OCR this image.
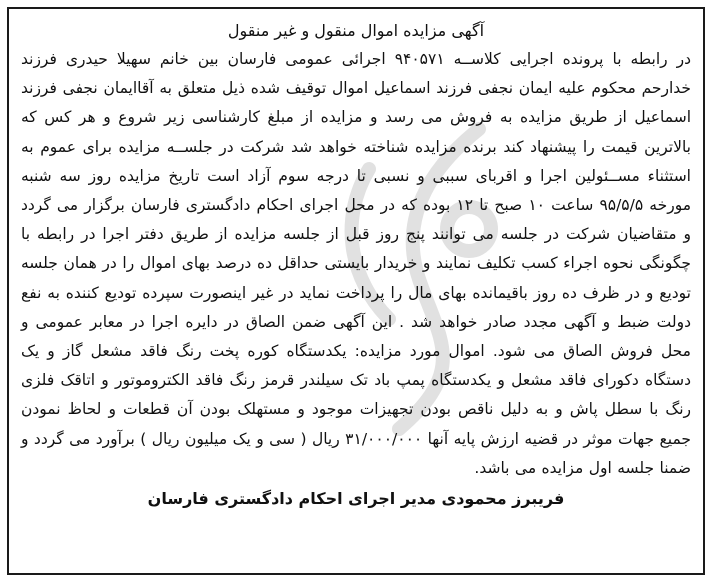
آگهی مزایده اموال منقول و غیر منقول

در رابطه با پرونده اجرایی کلاســه ۹۴۰۵۷۱ اجرائی عمومی فارسان بین خانم سهیلا حیدری فرزند خدارحم محکوم علیه ایمان نجفی فرزند اسماعیل اموال توقیف شده ذیل متعلق به آقاایمان نجفی فرزند اسماعیل از طریق مزایده به فروش می رسد و مزایده از مبلغ کارشناسی زیر شروع و هر کس که بالاترین قیمت را پیشنهاد کند برنده مزایده شناخته خواهد شد شرکت در جلســه مزایده برای عموم به استثناء مســئولین اجرا و اقربای سببی و نسبی تا درجه سوم آزاد است تاریخ مزایده روز سه شنبه مورخه ۹۵/۵/۵ ساعت ۱۰ صبح تا ۱۲ بوده که در محل اجرای احکام دادگستری فارسان برگزار می گردد و متقاضیان شرکت در جلسه می توانند پنج روز قبل از جلسه مزایده از طریق دفتر اجرا در رابطه با چگونگی نحوه اجراء کسب تکلیف نمایند و خریدار بایستی حداقل ده درصد بهای اموال را در همان جلسه تودیع و در ظرف ده روز باقیمانده بهای مال را پرداخت نماید در غیر اینصورت سپرده تودیع کننده به نفع دولت ضبط و آگهی مجدد صادر خواهد شد . این آگهی ضمن الصاق در دایره اجرا در معابر عمومی و محل فروش الصاق می شود. اموال مورد مزایده: یکدستگاه کوره پخت رنگ فاقد مشعل گاز و یک دستگاه دکورای فاقد مشعل و یکدستگاه پمپ باد تک سیلندر قرمز رنگ فاقد الکتروموتور و اتاقک فلزی رنگ با سطل پاش و به دلیل ناقص بودن تجهیزات موجود و مستهلک بودن آن قطعات و لحاظ نمودن جمیع جهات موثر در قضیه ارزش پایه آنها ۳۱/۰۰۰/۰۰۰ ریال ( سی و یک میلیون ریال ) برآورد می گردد و ضمنا جلسه اول مزایده می باشد.

فریبرز محمودی مدیر اجرای احکام دادگستری فارسان
